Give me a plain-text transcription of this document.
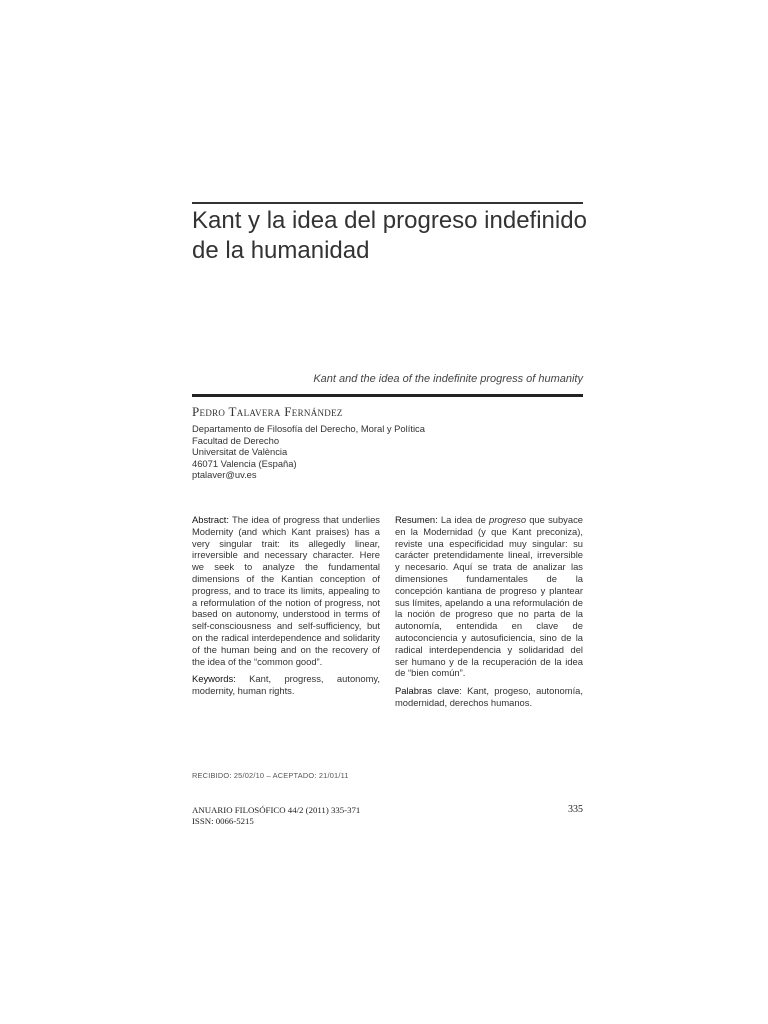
Kant y la idea del progreso indefinido
de la humanidad

Kant and the idea of the indefinite progress of humanity

Pedro Talavera Fernández

Departamento de Filosofía del Derecho, Moral y Política
Facultad de Derecho
Universitat de València
46071 Valencia (España)
ptalaver@uv.es

Abstract: The idea of progress that underlies Modernity (and which Kant praises) has a very singular trait: its allegedly linear, irreversible and necessary character. Here we seek to analyze the fundamental dimensions of the Kantian conception of progress, and to trace its limits, appealing to a reformulation of the notion of progress, not based on autonomy, understood in terms of self-consciousness and self-sufficiency, but on the radical interdependence and solidarity of the human being and on the recovery of the idea of the “common good”.

Keywords: Kant, progress, autonomy, modernity, human rights.

Resumen: La idea de progreso que subyace en la Modernidad (y que Kant preconiza), reviste una especificidad muy singular: su carácter pretendidamente lineal, irreversible y necesario. Aquí se trata de analizar las dimensiones fundamentales de la concepción kantiana de progreso y plantear sus límites, apelando a una reformulación de la noción de progreso que no parta de la autonomía, entendida en clave de autoconciencia y autosuficiencia, sino de la radical interdependencia y solidaridad del ser humano y de la recuperación de la idea de “bien común”.

Palabras clave: Kant, progeso, autonomía, modernidad, derechos humanos.

RECIBIDO: 25/02/10 – ACEPTADO: 21/01/11

ANUARIO FILOSÓFICO 44/2 (2011) 335-371
ISSN: 0066-5215
335
